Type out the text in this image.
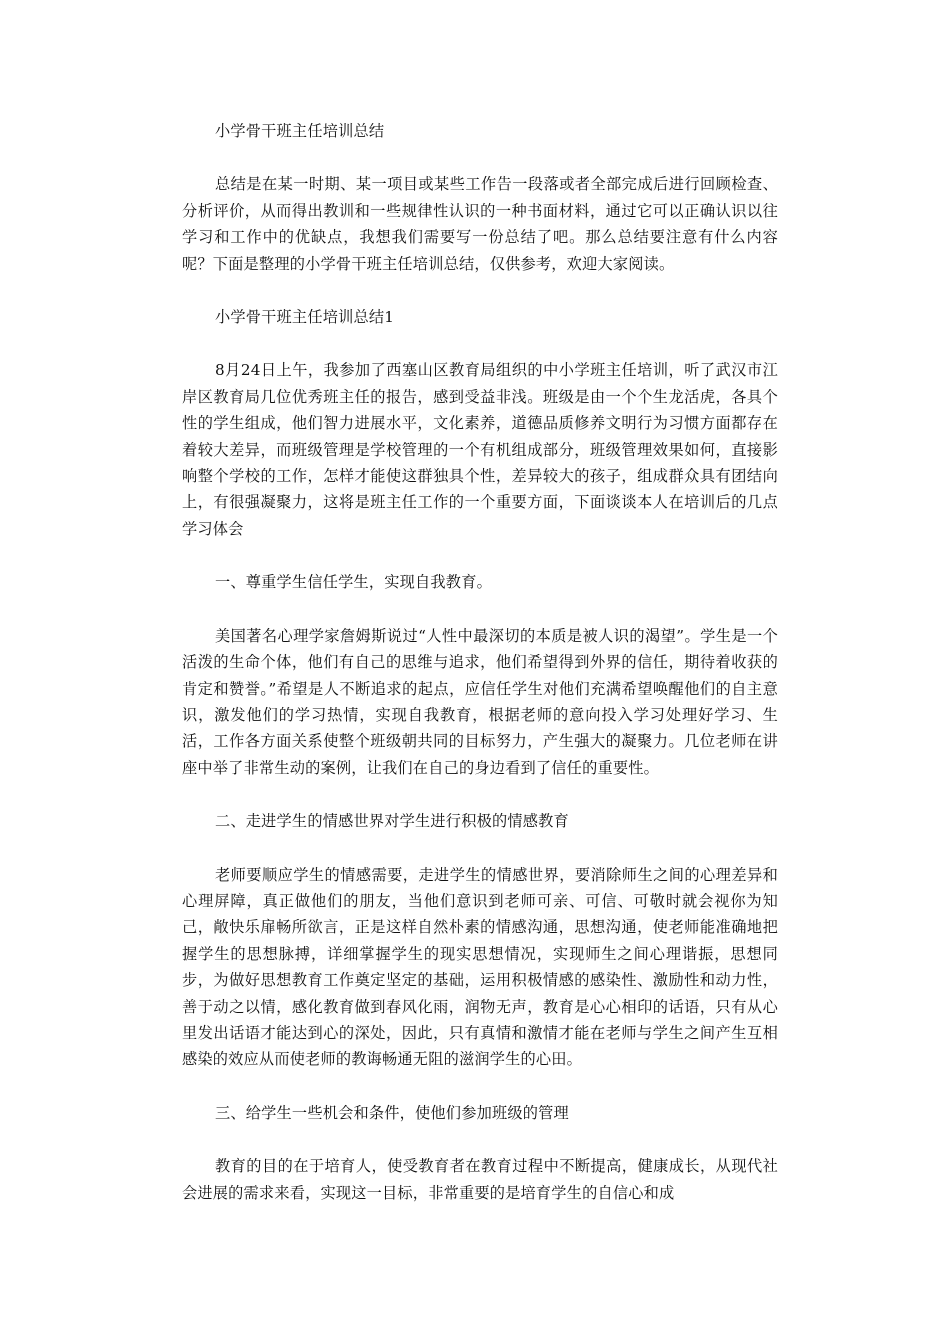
小学骨干班主任培训总结

总结是在某一时期、某一项目或某些工作告一段落或者全部完成后进行回顾检查、分析评价，从而得出教训和一些规律性认识的一种书面材料，通过它可以正确认识以往学习和工作中的优缺点，我想我们需要写一份总结了吧。那么总结要注意有什么内容呢？下面是整理的小学骨干班主任培训总结，仅供参考，欢迎大家阅读。

小学骨干班主任培训总结1

8月24日上午，我参加了西塞山区教育局组织的中小学班主任培训，听了武汉市江岸区教育局几位优秀班主任的报告，感到受益非浅。班级是由一个个生龙活虎，各具个性的学生组成，他们智力进展水平，文化素养，道德品质修养文明行为习惯方面都存在着较大差异，而班级管理是学校管理的一个有机组成部分，班级管理效果如何，直接影响整个学校的工作，怎样才能使这群独具个性，差异较大的孩子，组成群众具有团结向上，有很强凝聚力，这将是班主任工作的一个重要方面，下面谈谈本人在培训后的几点学习体会

一、尊重学生信任学生，实现自我教育。

美国著名心理学家詹姆斯说过“人性中最深切的本质是被人识的渴望”。学生是一个活泼的生命个体，他们有自己的思维与追求，他们希望得到外界的信任，期待着收获的肯定和赞誉。”希望是人不断追求的起点，应信任学生对他们充满希望唤醒他们的自主意识，激发他们的学习热情，实现自我教育，根据老师的意向投入学习处理好学习、生活，工作各方面关系使整个班级朝共同的目标努力，产生强大的凝聚力。几位老师在讲座中举了非常生动的案例，让我们在自己的身边看到了信任的重要性。

二、走进学生的情感世界对学生进行积极的情感教育

老师要顺应学生的情感需要，走进学生的情感世界，要消除师生之间的心理差异和心理屏障，真正做他们的朋友，当他们意识到老师可亲、可信、可敬时就会视你为知己，敞快乐扉畅所欲言，正是这样自然朴素的情感沟通，思想沟通，使老师能准确地把握学生的思想脉搏，详细掌握学生的现实思想情况，实现师生之间心理谐振，思想同步，为做好思想教育工作奠定坚定的基础，运用积极情感的感染性、激励性和动力性，善于动之以情，感化教育做到春风化雨，润物无声，教育是心心相印的话语，只有从心里发出话语才能达到心的深处，因此，只有真情和激情才能在老师与学生之间产生互相感染的效应从而使老师的教诲畅通无阻的滋润学生的心田。

三、给学生一些机会和条件，使他们参加班级的管理

教育的目的在于培育人，使受教育者在教育过程中不断提高，健康成长，从现代社会进展的需求来看，实现这一目标，非常重要的是培育学生的自信心和成
